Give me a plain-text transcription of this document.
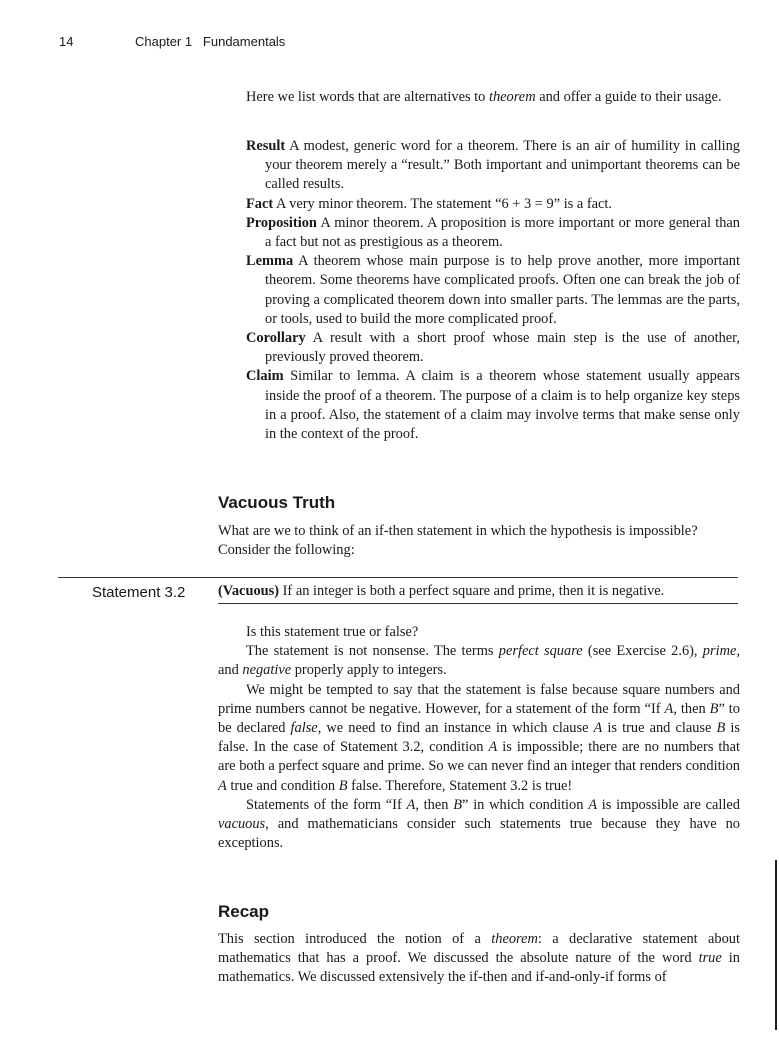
14	Chapter 1   Fundamentals

Here we list words that are alternatives to theorem and offer a guide to their usage.

Result A modest, generic word for a theorem. There is an air of humility in calling your theorem merely a “result.” Both important and unimportant theorems can be called results.
Fact A very minor theorem. The statement “6 + 3 = 9” is a fact.
Proposition A minor theorem. A proposition is more important or more general than a fact but not as prestigious as a theorem.
Lemma A theorem whose main purpose is to help prove another, more important theorem. Some theorems have complicated proofs. Often one can break the job of proving a complicated theorem down into smaller parts. The lemmas are the parts, or tools, used to build the more complicated proof.
Corollary A result with a short proof whose main step is the use of another, previously proved theorem.
Claim Similar to lemma. A claim is a theorem whose statement usually appears inside the proof of a theorem. The purpose of a claim is to help organize key steps in a proof. Also, the statement of a claim may involve terms that make sense only in the context of the proof.
Vacuous Truth

What are we to think of an if-then statement in which the hypothesis is impossible? Consider the following:

Statement 3.2 (Vacuous) If an integer is both a perfect square and prime, then it is negative.

Is this statement true or false?

The statement is not nonsense. The terms perfect square (see Exercise 2.6), prime, and negative properly apply to integers.

We might be tempted to say that the statement is false because square numbers and prime numbers cannot be negative. However, for a statement of the form “If A, then B” to be declared false, we need to find an instance in which clause A is true and clause B is false. In the case of Statement 3.2, condition A is impossible; there are no numbers that are both a perfect square and prime. So we can never find an integer that renders condition A true and condition B false. Therefore, Statement 3.2 is true!

Statements of the form “If A, then B” in which condition A is impossible are called vacuous, and mathematicians consider such statements true because they have no exceptions.

Recap

This section introduced the notion of a theorem: a declarative statement about mathematics that has a proof. We discussed the absolute nature of the word true in mathematics. We discussed extensively the if-then and if-and-only-if forms of
